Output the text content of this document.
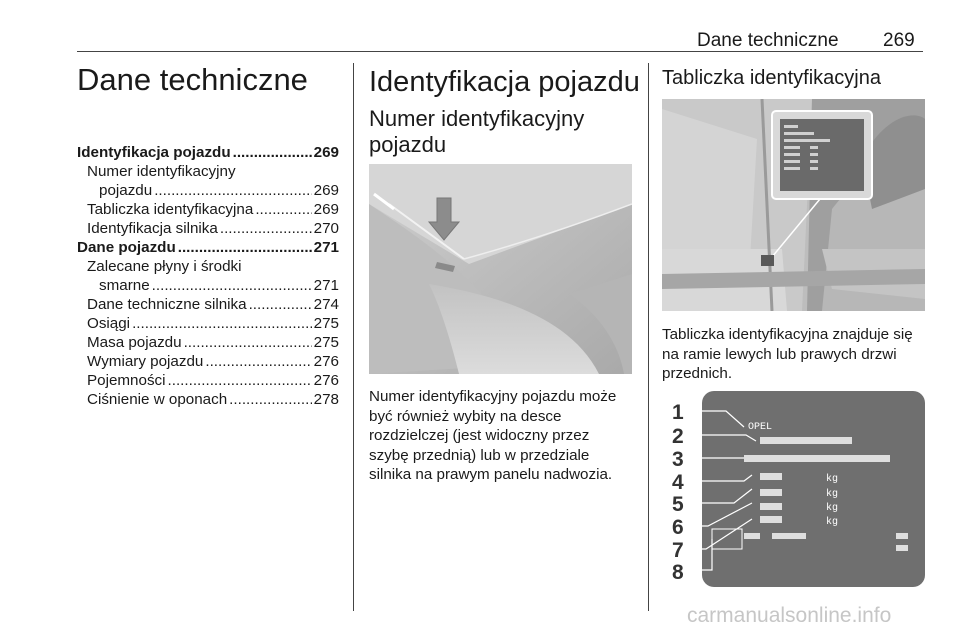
Dane techniczne 269
Dane techniczne
Identyfikacja pojazdu .....	269
Numer identyfikacyjny
pojazdu .....	269
Tabliczka identyfikacyjna .....	269
Identyfikacja silnika .....	270
Dane pojazdu .....	271
Zalecane płyny i środki
smarne .....	271
Dane techniczne silnika .....	274
Osiągi .....	275
Masa pojazdu .....	275
Wymiary pojazdu .....	276
Pojemności .....	276
Ciśnienie w oponach .....	278
Identyfikacja pojazdu
Numer identyfikacyjny
pojazdu

Numer identyfikacyjny pojazdu może

być również wybity na desce

rozdzielczej (jest widoczny przez

szybę przednią) lub w przedziale

silnika na prawym panelu nadwozia.

Tabliczka identyfikacyjna

Tabliczka identyfikacyjna znajduje się

na ramie lewych lub prawych drzwi

przednich.

1
2
3
4
5
6
7
8
OPEL
kg
kg
kg
kg
carmanualsonline.info
